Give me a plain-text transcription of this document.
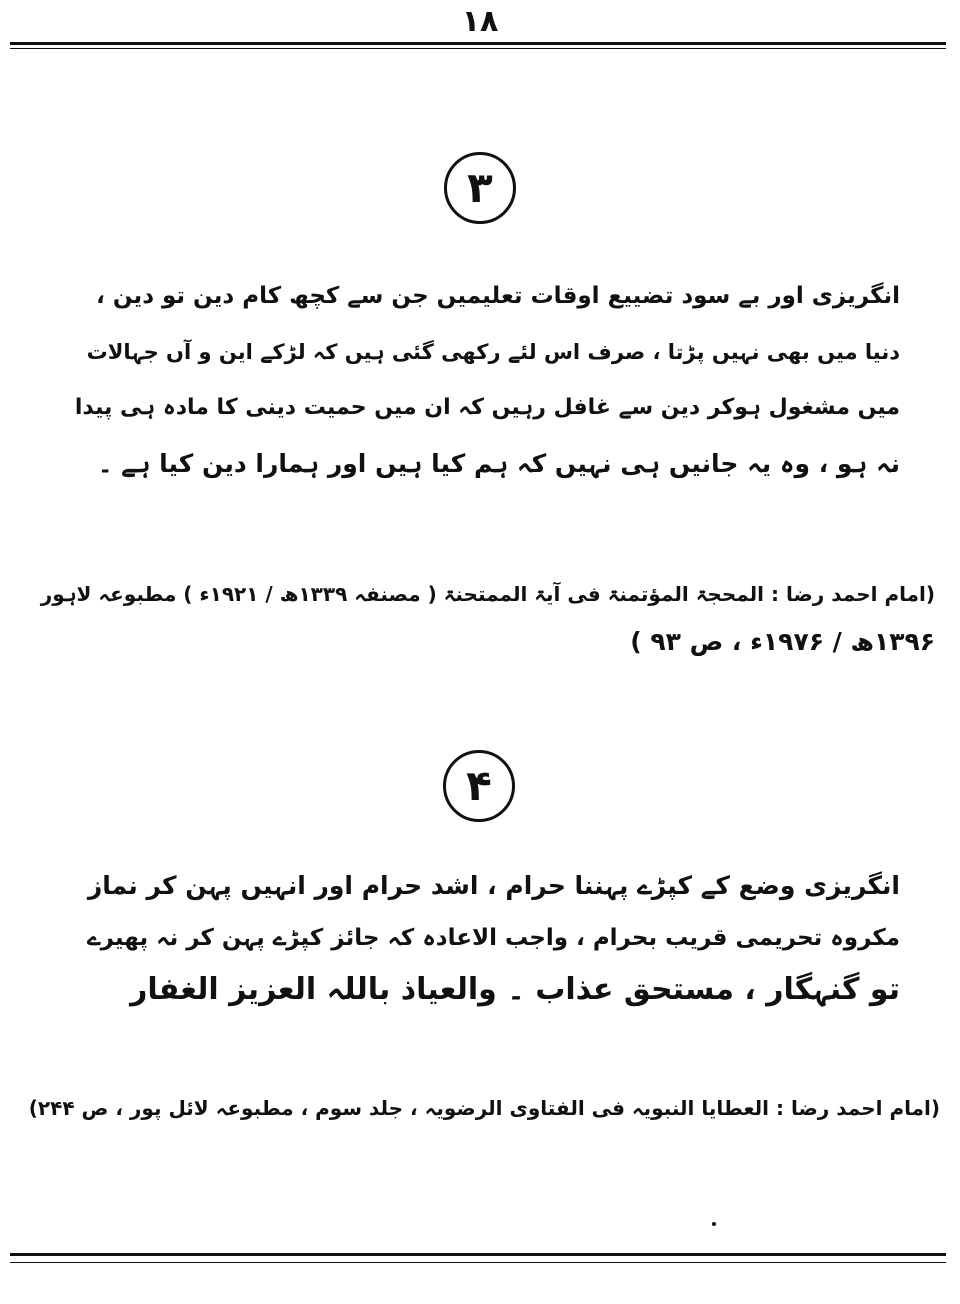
۱۸
۳
انگریزی اور بے سود تضییع اوقات تعلیمیں جن سے کچھ کام دین تو دین ،
دنیا میں بھی نہیں پڑتا ، صرف اس لئے رکھی گئی ہیں کہ لڑکے این و آں جہالات
میں مشغول ہوکر دین سے غافل رہیں کہ ان میں حمیت دینی کا مادہ ہی پیدا
نہ ہو ، وہ یہ جانیں ہی نہیں کہ ہم کیا ہیں اور ہمارا دین کیا ہے ۔
(امام احمد رضا : المحجۃ المؤتمنۃ فی آیۃ الممتحنۃ ( مصنفہ ۱۳۳۹ھ / ۱۹۲۱ء ) مطبوعہ لاہور
۱۳۹۶ھ / ۱۹۷۶ء ، ص ۹۳ )
۴
انگریزی وضع کے کپڑے پہننا حرام ، اشد حرام اور انہیں پہن کر نماز
مکروہ تحریمی قریب بحرام ، واجب الاعادہ کہ جائز کپڑے پہن کر نہ پھیرے
تو گنہگار ، مستحق عذاب ۔ والعیاذ باللہ العزیز الغفار
(امام احمد رضا : العطایا النبویہ فی الفتاوی الرضویہ ، جلد سوم ، مطبوعہ لائل پور ، ص ۲۴۴)
